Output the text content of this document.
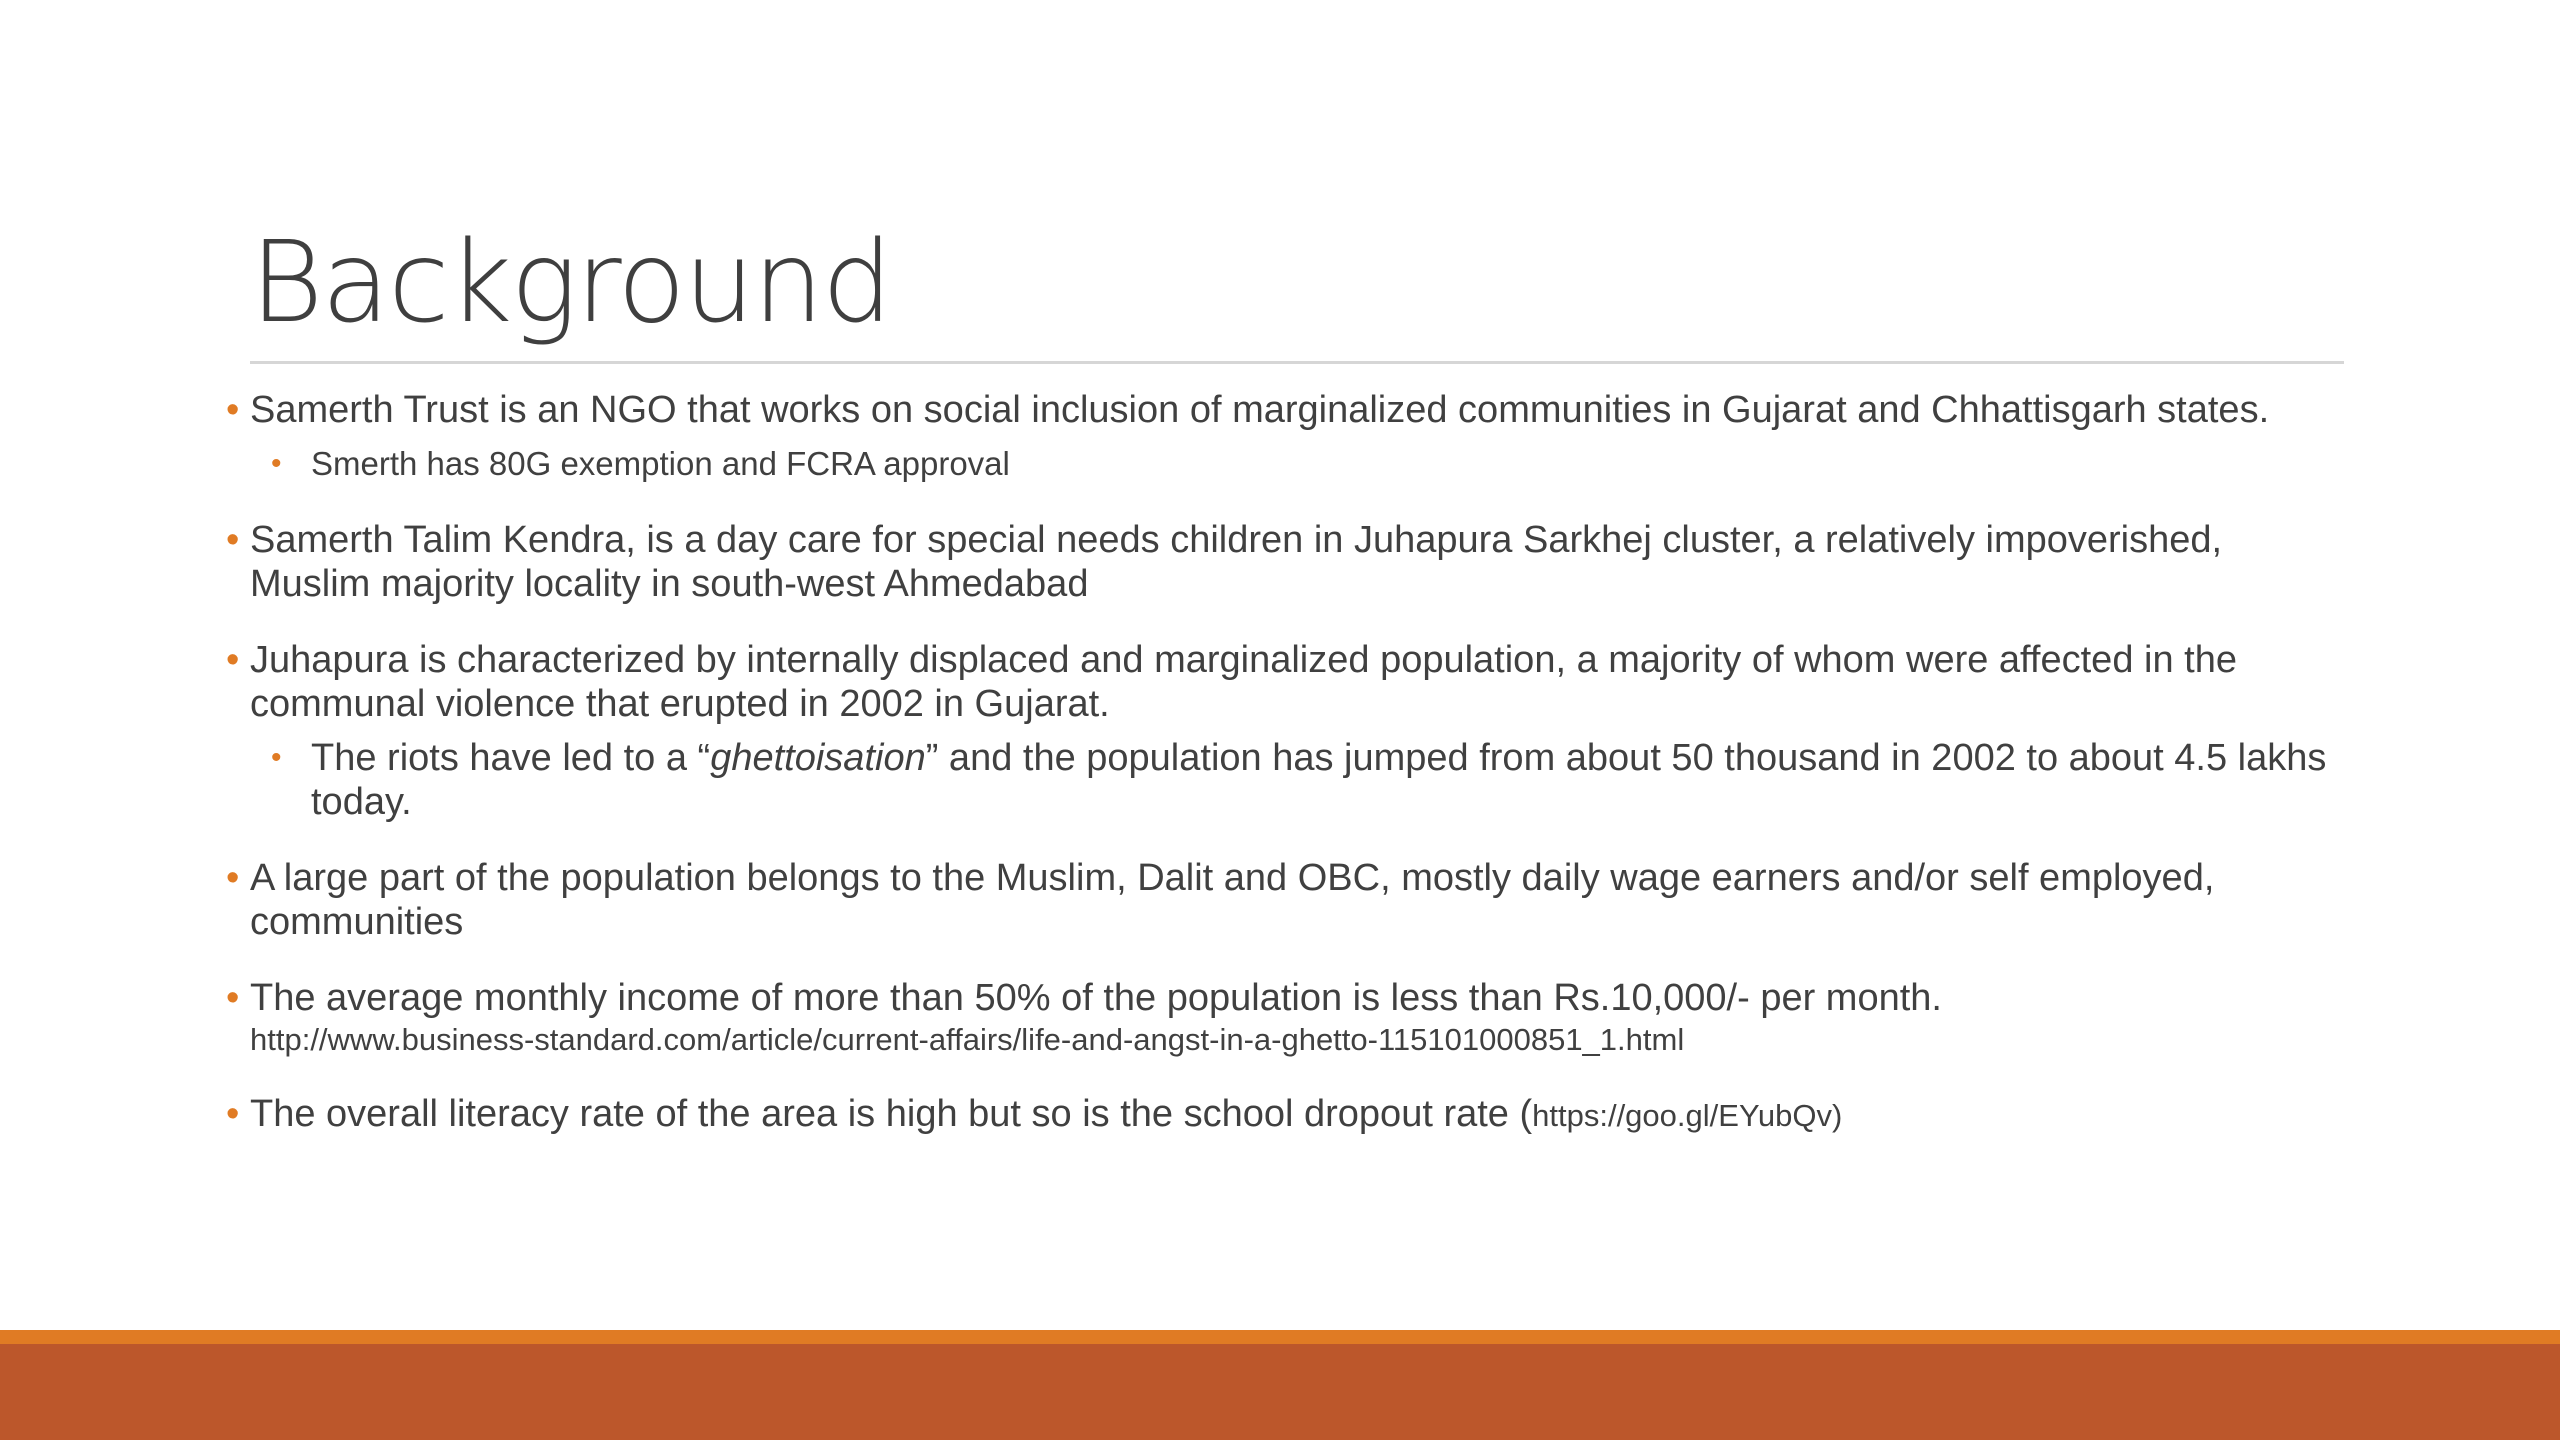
Background
• Samerth Trust is an NGO that works on social inclusion of marginalized communities in Gujarat and Chhattisgarh states.
• Smerth has 80G exemption and FCRA approval
• Samerth Talim Kendra, is a day care for special needs children in Juhapura Sarkhej cluster, a relatively impoverished, Muslim majority locality in south-west Ahmedabad
• Juhapura is characterized by internally displaced and marginalized population, a majority of whom were affected in the communal violence that erupted in 2002 in Gujarat.
• The riots have led to a “ghettoisation” and the population has jumped from about 50 thousand in 2002 to about 4.5 lakhs today.
• A large part of the population belongs to the Muslim, Dalit and OBC, mostly daily wage earners and/or self employed, communities
• The average monthly income of more than 50% of the population is less than Rs.10,000/- per month.
http://www.business-standard.com/article/current-affairs/life-and-angst-in-a-ghetto-115101000851_1.html
• The overall literacy rate of the area is high but so is the school dropout rate (https://goo.gl/EYubQv)
